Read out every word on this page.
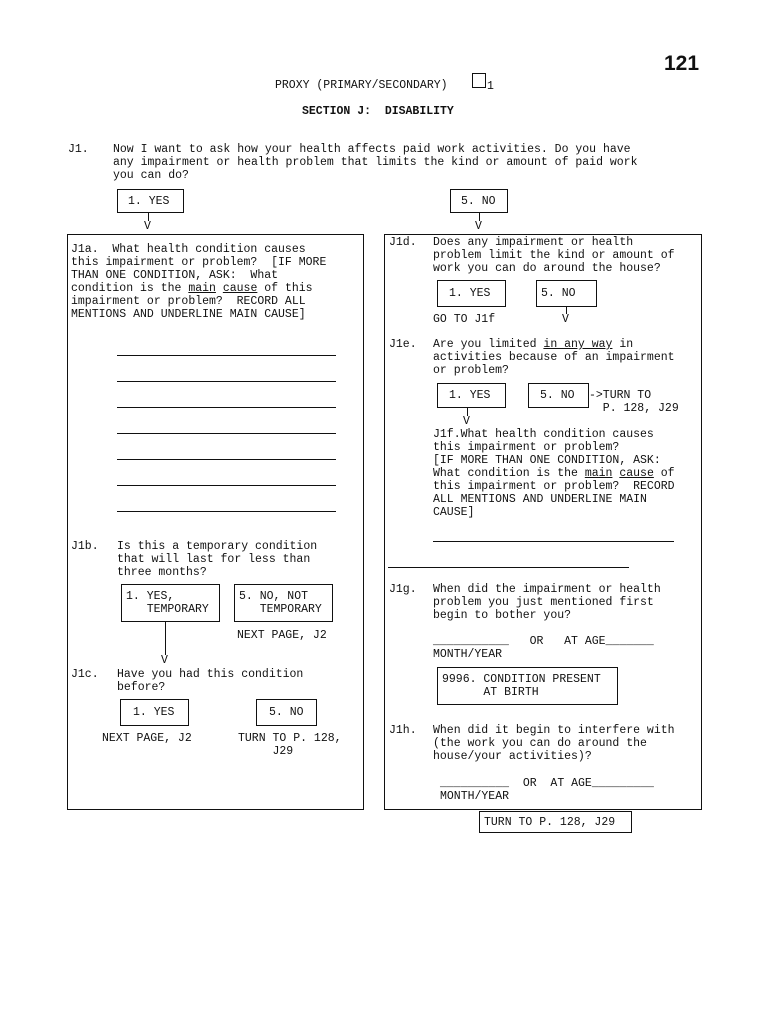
121
PROXY (PRIMARY/SECONDARY)	1
SECTION J:  DISABILITY
J1. Now I want to ask how your health affects paid work activities. Do you have
any impairment or health problem that limits the kind or amount of paid work
you can do?
1. YES	5. NO
V	V
J1a.  What health condition causes
this impairment or problem?  [IF MORE
THAN ONE CONDITION, ASK:  What
condition is the main cause of this
impairment or problem?  RECORD ALL
MENTIONS AND UNDERLINE MAIN CAUSE]
J1b. Is this a temporary condition
that will last for less than
three months?
1. YES,
TEMPORARY
5. NO, NOT
TEMPORARY
V
NEXT PAGE, J2
J1c. Have you had this condition
before?
1. YES	5. NO
NEXT PAGE, J2	TURN TO P. 128,
J29
J1d. Does any impairment or health
problem limit the kind or amount of
work you can do around the house?
1. YES	5. NO
GO TO J1f	V
J1e. Are you limited in any way in
activities because of an impairment
or problem?
1. YES	5. NO	->TURN TO
P. 128, J29
V
J1f.What health condition causes
this impairment or problem?
[IF MORE THAN ONE CONDITION, ASK:
What condition is the main cause of
this impairment or problem?  RECORD
ALL MENTIONS AND UNDERLINE MAIN
CAUSE]
J1g. When did the impairment or health
problem you just mentioned first
begin to bother you?
___________   OR   AT AGE_______
MONTH/YEAR
9996. CONDITION PRESENT
AT BIRTH
J1h. When did it begin to interfere with
(the work you can do around the
house/your activities)?
__________  OR  AT AGE_________
MONTH/YEAR
TURN TO P. 128, J29
